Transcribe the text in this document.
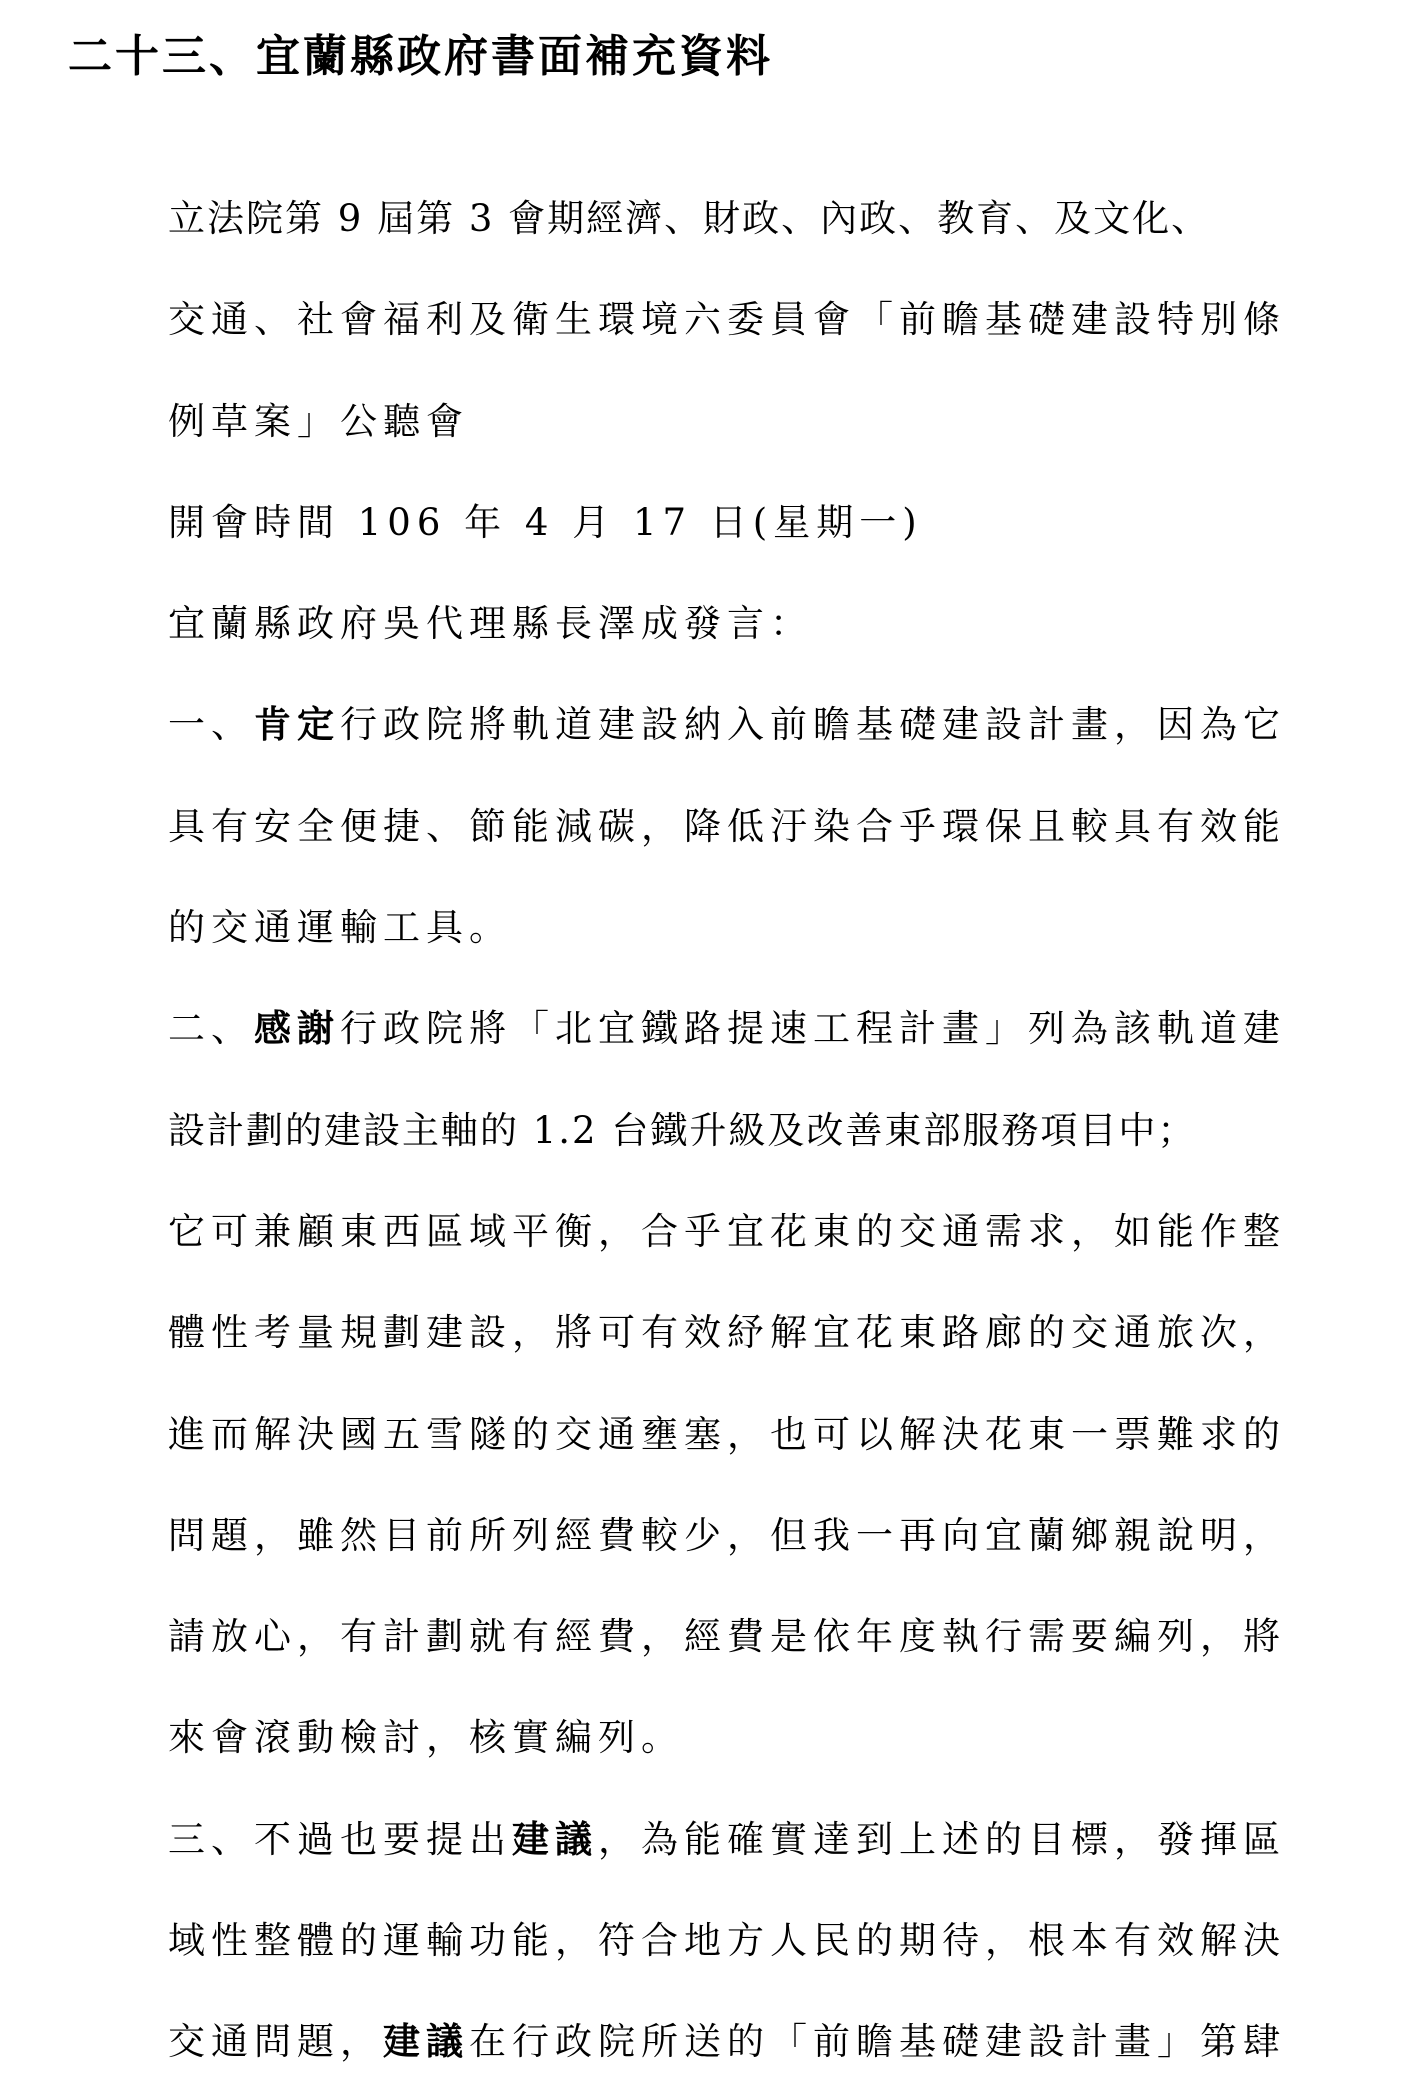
二十三、宜蘭縣政府書面補充資料
立法院第 9 屆第 3 會期經濟、財政、內政、教育、及文化、
交通、社會福利及衛生環境六委員會「前瞻基礎建設特別條
例草案」公聽會
開會時間 106 年 4 月 17 日(星期一)
宜蘭縣政府吳代理縣長澤成發言：
一、肯定行政院將軌道建設納入前瞻基礎建設計畫，因為它
具有安全便捷、節能減碳，降低汙染合乎環保且較具有效能
的交通運輸工具。
二、感謝行政院將「北宜鐵路提速工程計畫」列為該軌道建
設計劃的建設主軸的 1.2 台鐵升級及改善東部服務項目中；
它可兼顧東西區域平衡，合乎宜花東的交通需求，如能作整
體性考量規劃建設，將可有效紓解宜花東路廊的交通旅次，
進而解決國五雪隧的交通壅塞，也可以解決花東一票難求的
問題，雖然目前所列經費較少，但我一再向宜蘭鄉親說明，
請放心，有計劃就有經費，經費是依年度執行需要編列，將
來會滾動檢討，核實編列。
三、不過也要提出建議，為能確實達到上述的目標，發揮區
域性整體的運輸功能，符合地方人民的期待，根本有效解決
交通問題，建議在行政院所送的「前瞻基礎建設計畫」第肆
